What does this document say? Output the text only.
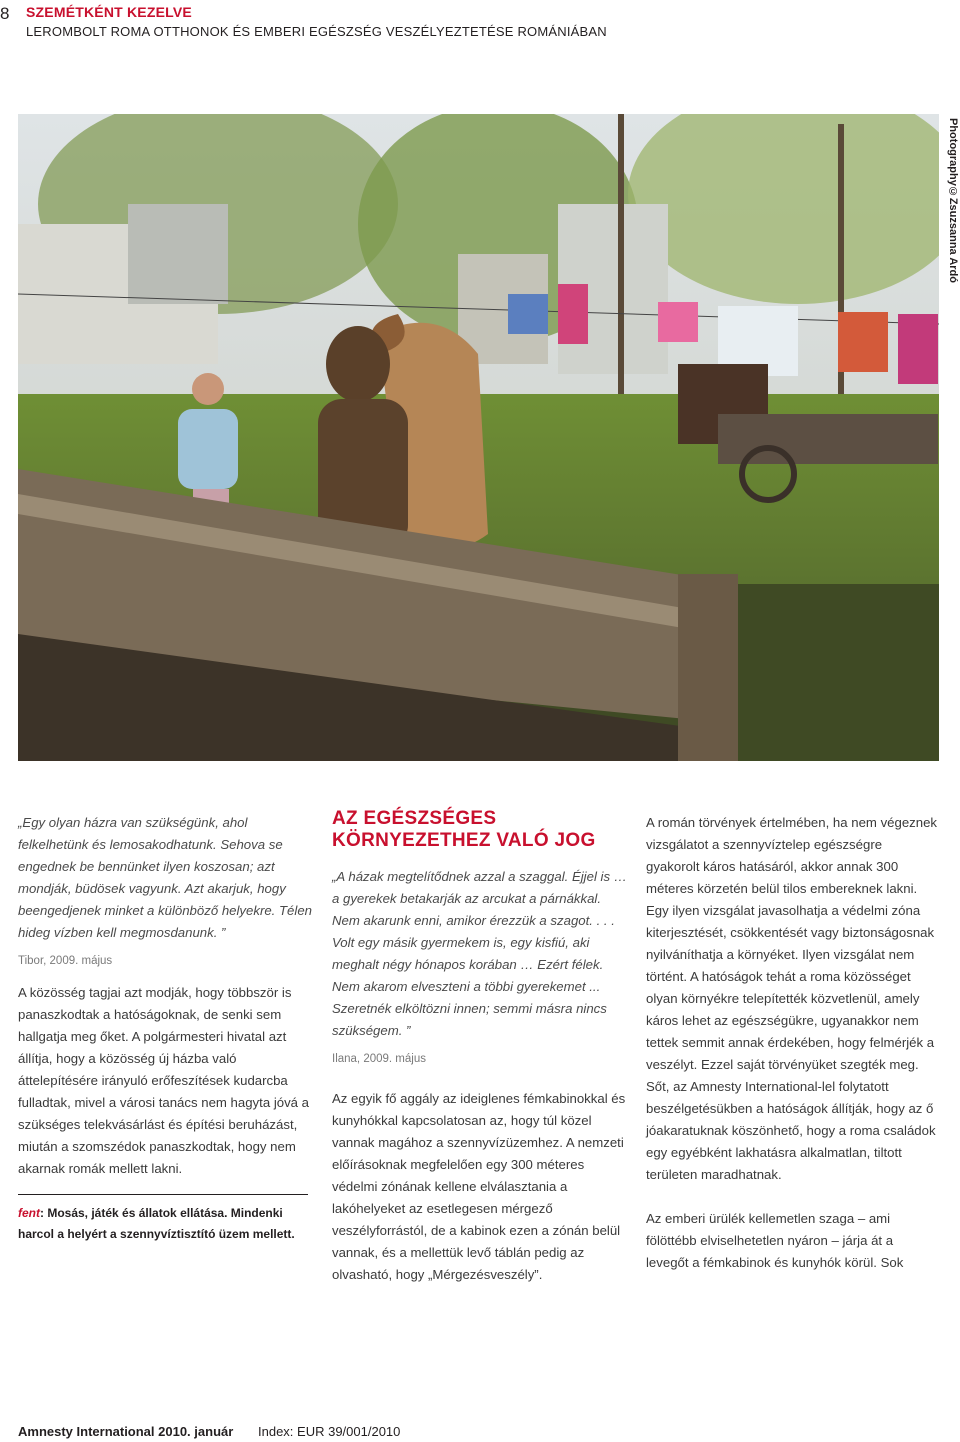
8 SZEMÉTKÉNT KEZELVE
LEROMBOLT ROMA OTTHONOK ÉS EMBERI EGÉSZSÉG VESZÉLYEZTETÉSE ROMÁNIÁBAN
Photography©Zsuzsanna Ardó

„Egy olyan házra van szükségünk, ahol felkelhetünk és lemosakodhatunk. Sehova se engednek be bennünket ilyen koszosan; azt mondják, büdösek vagyunk. Azt akarjuk, hogy beengedjenek minket a különböző helyekre. Télen hideg vízben kell megmosdanunk. ”

Tibor, 2009. május

A közösség tagjai azt modják, hogy többször is panaszkodtak a hatóságoknak, de senki sem hallgatja meg őket. A polgármesteri hivatal azt állítja, hogy a közösség új házba való áttelepítésére irányuló erőfeszítések kudarcba fulladtak, mivel a városi tanács nem hagyta jóvá a szükséges telekvásárlást és építési beruházást, miután a szomszédok panaszkodtak, hogy nem akarnak romák mellett lakni.

fent: Mosás, játék és állatok ellátása. Mindenki harcol a helyért a szennyvíztisztító üzem mellett.
AZ EGÉSZSÉGES KÖRNYEZETHEZ VALÓ JOG

„A házak megtelítődnek azzal a szaggal. Éjjel is … a gyerekek betakarják az arcukat a párnákkal. Nem akarunk enni, amikor érezzük a szagot. . . . Volt egy másik gyermekem is, egy kisfiú, aki meghalt négy hónapos korában … Ezért félek. Nem akarom elveszteni a többi gyerekemet ... Szeretnék elköltözni innen; semmi másra nincs szükségem. ”

Ilana, 2009. május

Az egyik fő aggály az ideiglenes fémkabinokkal és kunyhókkal kapcsolatosan az, hogy túl közel vannak magához a szennyvízüzemhez. A nemzeti előírásoknak megfelelően egy 300 méteres védelmi zónának kellene elválasztania a lakóhelyeket az esetlegesen mérgező veszélyforrástól, de a kabinok ezen a zónán belül vannak, és a mellettük levő táblán pedig az olvasható, hogy „Mérgezésveszély”.

A román törvények értelmében, ha nem végeznek vizsgálatot a szennyvíztelep egészségre gyakorolt káros hatásáról, akkor annak 300 méteres körzetén belül tilos embereknek lakni. Egy ilyen vizsgálat javasolhatja a védelmi zóna kiterjesztését, csökkentését vagy biztonságosnak nyilváníthatja a környéket. Ilyen vizsgálat nem történt. A hatóságok tehát a roma közösséget olyan környékre telepítették közvetlenül, amely káros lehet az egészségükre, ugyanakkor nem tettek semmit annak érdekében, hogy felmérjék a veszélyt. Ezzel saját törvényüket szegték meg. Sőt, az Amnesty International-lel folytatott beszélgetésükben a hatóságok állítják, hogy az ő jóakaratuknak köszönhető, hogy a roma családok egy egyébként lakhatásra alkalmatlan, tiltott területen maradhatnak.

Az emberi ürülék kellemetlen szaga – ami fölöttébb elviselhetetlen nyáron – járja át a levegőt a fémkabinok és kunyhók körül. Sok

Amnesty International 2010. január Index: EUR 39/001/2010
